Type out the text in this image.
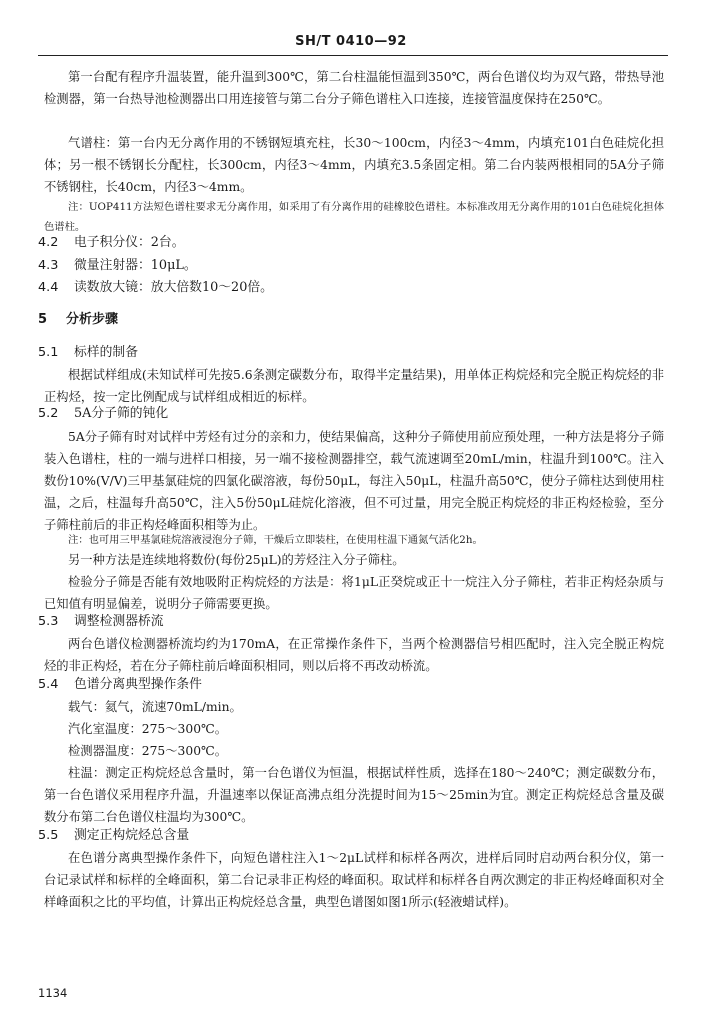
SH/T 0410—92

第一台配有程序升温装置，能升温到300℃，第二台柱温能恒温到350℃，两台色谱仪均为双气路，带热导池检测器，第一台热导池检测器出口用连接管与第二台分子筛色谱柱入口连接，连接管温度保持在250℃。

气谱柱：第一台内无分离作用的不锈钢短填充柱，长30～100cm，内径3～4mm，内填充101白色硅烷化担体；另一根不锈钢长分配柱，长300cm，内径3～4mm，内填充3.5条固定相。第二台内装两根相同的5A分子筛不锈钢柱，长40cm，内径3～4mm。

注：UOP411方法短色谱柱要求无分离作用，如采用了有分离作用的硅橡胶色谱柱。本标准改用无分离作用的101白色硅烷化担体色谱柱。

4.2 电子积分仪：2台。
4.3 微量注射器：10μL。
4.4 读数放大镜：放大倍数10～20倍。
5 分析步骤
5.1 标样的制备

根据试样组成(未知试样可先按5.6条测定碳数分布，取得半定量结果)，用单体正构烷烃和完全脱正构烷烃的非正构烃，按一定比例配成与试样组成相近的标样。

5.2 5A分子筛的钝化

5A分子筛有时对试样中芳烃有过分的亲和力，使结果偏高，这种分子筛使用前应预处理，一种方法是将分子筛装入色谱柱，柱的一端与进样口相接，另一端不接检测器排空，载气流速调至20mL/min，柱温升到100℃。注入数份10%(V/V)三甲基氯硅烷的四氯化碳溶液，每份50μL，每注入50μL，柱温升高50℃，使分子筛柱达到使用柱温，之后，柱温每升高50℃，注入5份50μL硅烷化溶液，但不可过量，用完全脱正构烷烃的非正构烃检验，至分子筛柱前后的非正构烃峰面积相等为止。

注：也可用三甲基氯硅烷溶液浸泡分子筛，干燥后立即装柱，在使用柱温下通氮气活化2h。

另一种方法是连续地将数份(每份25μL)的芳烃注入分子筛柱。

检验分子筛是否能有效地吸附正构烷烃的方法是：将1μL正癸烷或正十一烷注入分子筛柱，若非正构烃杂质与已知值有明显偏差，说明分子筛需要更换。

5.3 调整检测器桥流

两台色谱仪检测器桥流均约为170mA，在正常操作条件下，当两个检测器信号相匹配时，注入完全脱正构烷烃的非正构烃，若在分子筛柱前后峰面积相同，则以后将不再改动桥流。

5.4 色谱分离典型操作条件

载气：氦气，流速70mL/min。

汽化室温度：275～300℃。

检测器温度：275～300℃。

柱温：测定正构烷烃总含量时，第一台色谱仪为恒温，根据试样性质，选择在180～240℃；测定碳数分布，第一台色谱仪采用程序升温，升温速率以保证高沸点组分洗提时间为15～25min为宜。测定正构烷烃总含量及碳数分布第二台色谱仪柱温均为300℃。

5.5 测定正构烷烃总含量

在色谱分离典型操作条件下，向短色谱柱注入1～2μL试样和标样各两次，进样后同时启动两台积分仪，第一台记录试样和标样的全峰面积，第二台记录非正构烃的峰面积。取试样和标样各自两次测定的非正构烃峰面积对全样峰面积之比的平均值，计算出正构烷烃总含量，典型色谱图如图1所示(轻液蜡试样)。

1134
